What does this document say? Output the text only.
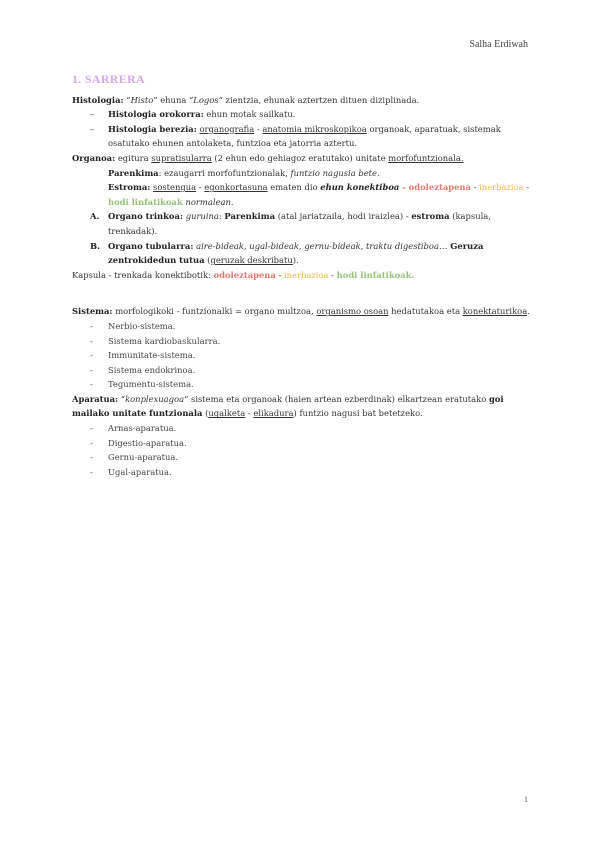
Salha Erdiwah
1. SARRERA

Histologia: “Histo” ehuna “Logos” zientzia, ehunak aztertzen dituen diziplinada.

– Histologia orokorra: ehun motak sailkatu.

– Histologia berezia: organografia - anatomia mikroskopikoa organoak, aparatuak, sistemak osatutako ehunen antolaketa, funtzioa eta jatorria aztertu.

Organoa: egitura supratisularra (2 ehun edo gehiagoz eratutako) unitate morfofuntzionala.

Parenkima: ezaugarri morfofuntzionalak, funtzio nagusia bete.

Estroma: sostengua - egonkortasuna ematen dio ehun konektiboa - odoleztapena - inerbazioa - hodi linfatikoak normalean.

A. Organo trinkoa: guruina: Parenkima (atal jariatzaila, hodi iraizlea) - estroma (kapsula, trenkadak).

B. Organo tubularra: aire-bideak, ugal-bideak, gernu-bideak, traktu digestiboa… Geruza zentrokidedun tutua (geruzak deskribatu).

Kapsula - trenkada konektibotik: odoleztapena - inerbazioa - hodi linfatikoak.

Sistema: morfologikoki - funtzionalki = organo multzoa, organismo osoan hedatutakoa eta konektaturikoa.

- Nerbio-sistema.

- Sistema kardiobaskularra.

- Immunitate-sistema.

- Sistema endokrinoa.

- Tegumentu-sistema.

Aparatua: “konplexuagoa” sistema eta organoak (haien artean ezberdinak) elkartzean eratutako goi mailako unitate funtzionala (ugalketa - elikadura) funtzio nagusi bat betetzeko.

- Arnas-aparatua.

- Digestio-aparatua.

- Gernu-aparatua.

- Ugal-aparatua.

1
